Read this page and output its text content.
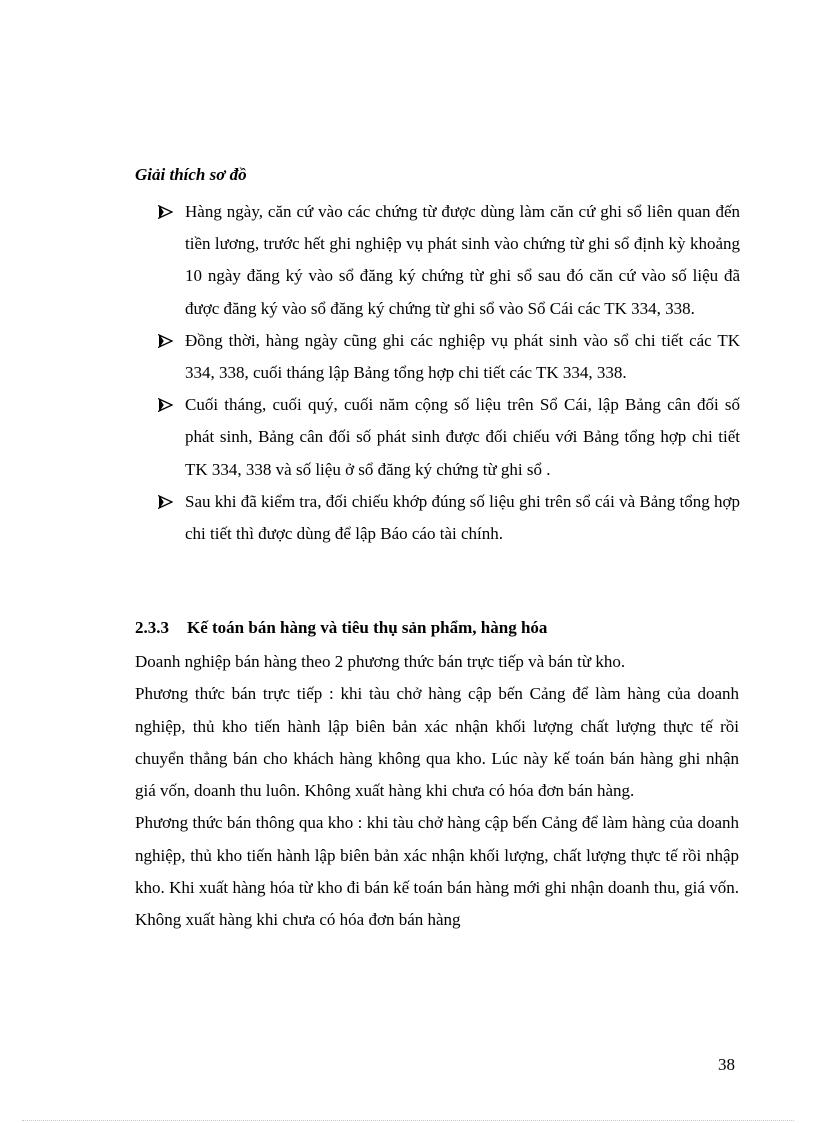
Giải thích sơ đồ
Hàng ngày, căn cứ vào các chứng từ được dùng làm căn cứ ghi sổ liên quan đến tiền lương, trước hết ghi nghiệp vụ phát sinh vào chứng từ ghi sổ định kỳ khoảng 10 ngày đăng ký vào sổ đăng ký chứng từ ghi sổ sau đó căn cứ vào số liệu đã được đăng ký vào sổ đăng ký chứng từ ghi sổ vào Sổ Cái các TK 334, 338.
Đồng thời, hàng ngày cũng ghi các nghiệp vụ phát sinh vào sổ chi tiết các TK 334, 338, cuối tháng lập Bảng tổng hợp chi tiết các TK 334, 338.
Cuối tháng, cuối quý, cuối năm cộng số liệu trên Sổ Cái, lập Bảng cân đối số phát sinh, Bảng cân đối số phát sinh được đối chiếu với Bảng tổng hợp chi tiết TK 334, 338 và số liệu ở sổ đăng ký chứng từ ghi sổ .
Sau khi đã kiểm tra, đối chiếu khớp đúng số liệu ghi trên sổ cái và Bảng tổng hợp chi tiết thì được dùng để lập Báo cáo tài chính.
2.3.3 Kế toán bán hàng và tiêu thụ sản phẩm, hàng hóa

Doanh nghiệp bán hàng theo 2 phương thức bán trực tiếp và bán từ kho.

Phương thức bán trực tiếp : khi tàu chở hàng cập bến Cảng để làm hàng của doanh nghiệp, thủ kho tiến hành lập biên bản xác nhận khối lượng chất lượng thực tế rồi chuyển thẳng bán cho khách hàng không qua kho. Lúc này kế toán bán hàng ghi nhận giá vốn, doanh thu luôn. Không xuất hàng khi chưa có hóa đơn bán hàng.

Phương thức bán thông qua kho : khi tàu chở hàng cập bến Cảng để làm hàng của doanh nghiệp, thủ kho tiến hành lập biên bản xác nhận khối lượng, chất lượng thực tế rồi nhập kho. Khi xuất hàng hóa từ kho đi bán kế toán bán hàng mới ghi nhận doanh thu, giá vốn. Không xuất hàng khi chưa có hóa đơn bán hàng

38
